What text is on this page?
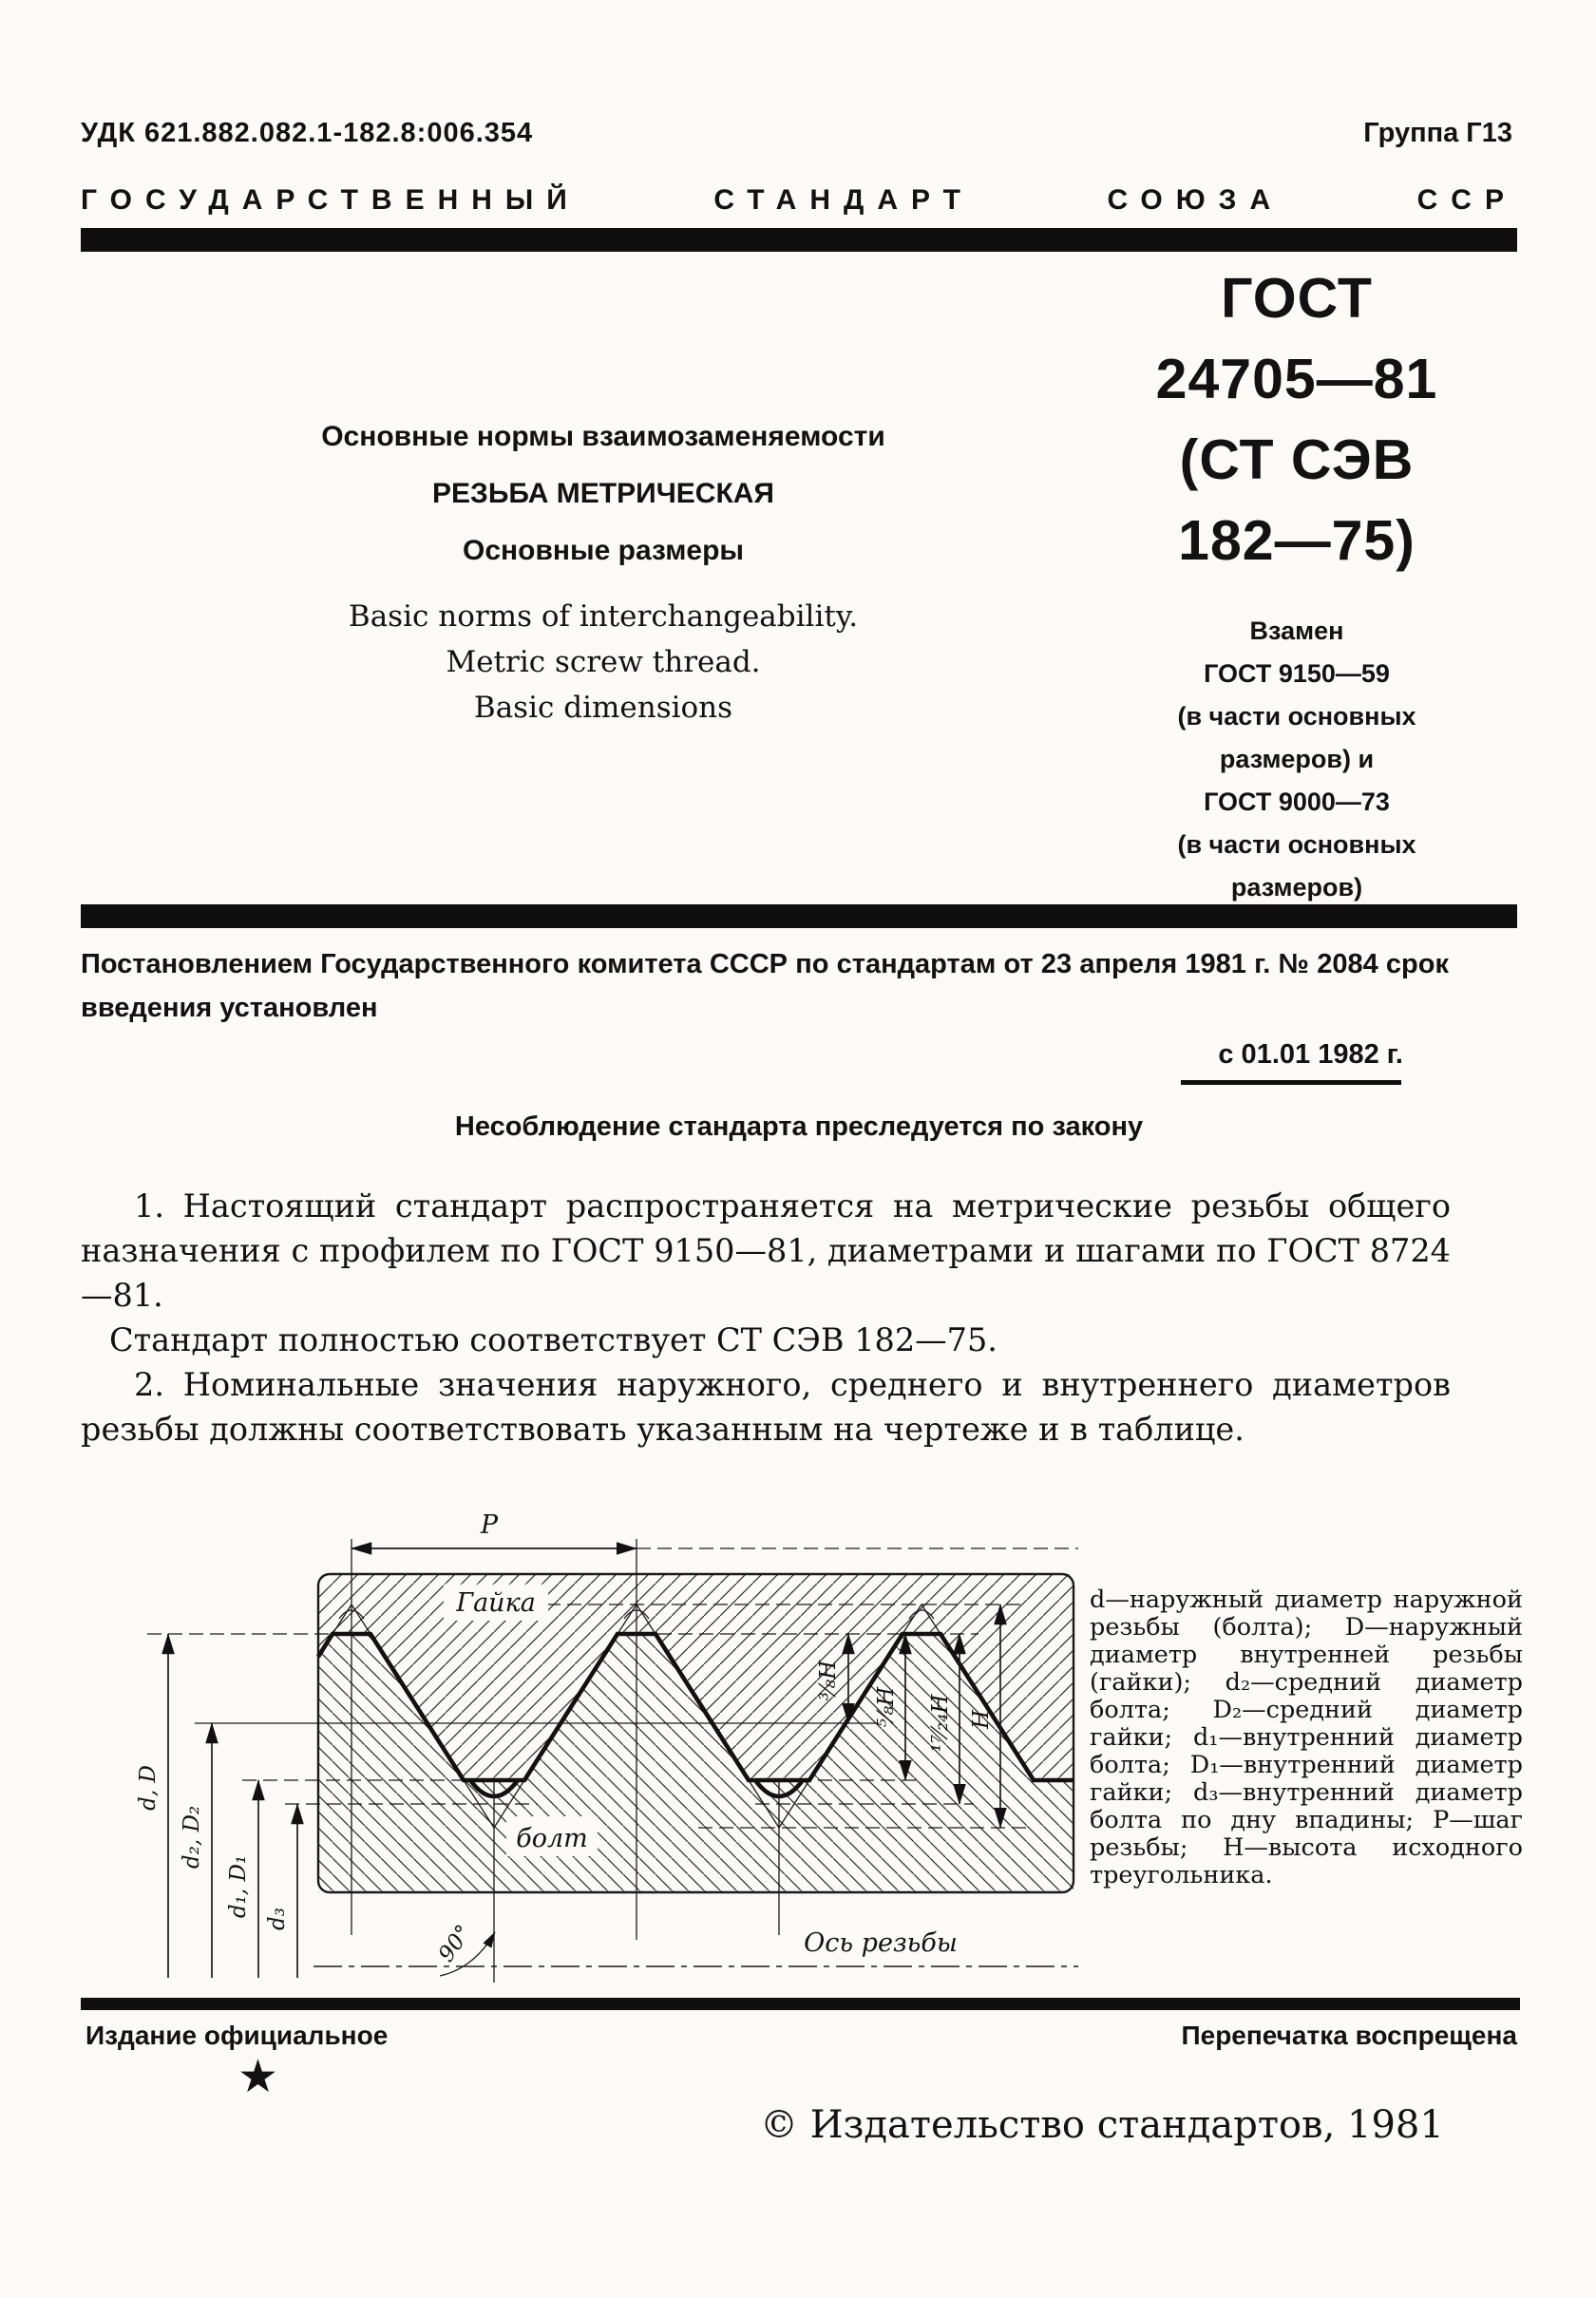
УДК 621.882.082.1-182.8:006.354	Группа Г13
ГОСУДАРСТВЕННЫЙ	СТАНДАРТ	СОЮЗА	ССР
Основные нормы взаимозаменяемости
РЕЗЬБА МЕТРИЧЕСКАЯ
Основные размеры
Basic norms of interchangeability.
Metric screw thread.
Basic dimensions
ГОСТ
24705—81
(СТ СЭВ
182—75)
Взамен
ГОСТ 9150—59
(в части основных
размеров) и
ГОСТ 9000—73
(в части основных
размеров)
Постановлением Государственного комитета СССР по стандартам от 23 апреля 1981 г. № 2084 срок введения установлен
с 01.01 1982 г.
Несоблюдение стандарта преследуется по закону

1. Настоящий стандарт распространяется на метрические резьбы общего назначения с профилем по ГОСТ 9150—81, диаметрами и шагами по ГОСТ 8724—81.

Стандарт полностью соответствует СТ СЭВ 182—75.

2. Номинальные значения наружного, среднего и внутреннего диаметров резьбы должны соответствовать указанным на чертеже и в таблице.

P
d, D
d₂, D₂
d₁, D₁
d₃
³⁄₈H
⁵⁄₈H ¹⁷⁄₂₄H H
90°
Гайка
болт
Ось резьбы
d—наружный диаметр наружной резьбы (болта); D—наружный диаметр внутренней резьбы (гайки); d₂—средний диаметр болта; D₂—средний диаметр гайки; d₁—внутренний диаметр болта; D₁—внутренний диаметр гайки; d₃—внутренний диаметр болта по дну впадины; P—шаг резьбы; H—высота исходного треугольника.
Издание официальное	Перепечатка воспрещена
★
© Издательство стандартов, 1981
